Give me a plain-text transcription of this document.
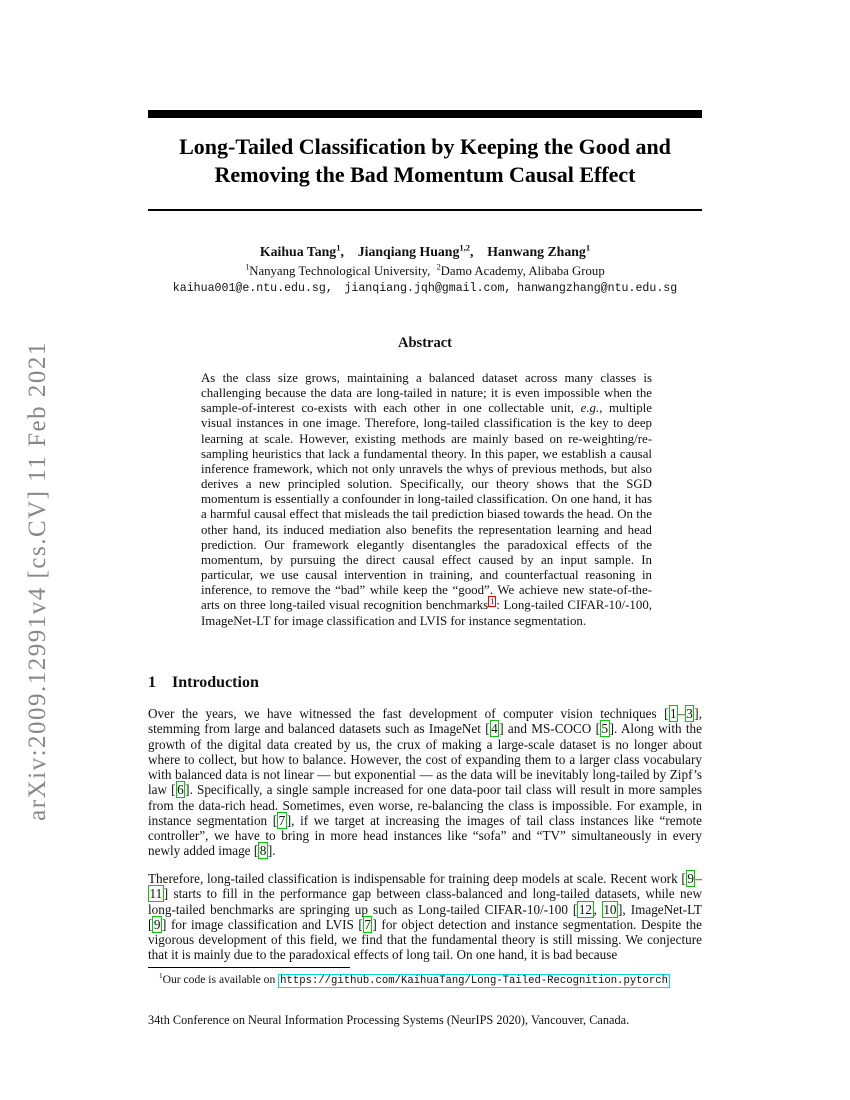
arXiv:2009.12991v4 [cs.CV] 11 Feb 2021
Long-Tailed Classification by Keeping the Good and
Removing the Bad Momentum Causal Effect
Kaihua Tang$^1$, Jianqiang Huang$^{1,2}$, Hanwang Zhang$^1$
$^1$Nanyang Technological University, $^2$Damo Academy, Alibaba Group
kaihua001@e.ntu.edu.sg, jianqiang.jqh@gmail.com, hanwangzhang@ntu.edu.sg
Abstract
As the class size grows, maintaining a balanced dataset across many classes is challenging because the data are long-tailed in nature; it is even impossible when the sample-of-interest co-exists with each other in one collectable unit, e.g., multiple visual instances in one image. Therefore, long-tailed classification is the key to deep learning at scale. However, existing methods are mainly based on re-weighting/re-sampling heuristics that lack a fundamental theory. In this paper, we establish a causal inference framework, which not only unravels the whys of previous methods, but also derives a new principled solution. Specifically, our theory shows that the SGD momentum is essentially a confounder in long-tailed classification. On one hand, it has a harmful causal effect that misleads the tail prediction biased towards the head. On the other hand, its induced mediation also benefits the representation learning and head prediction. Our framework elegantly disentangles the paradoxical effects of the momentum, by pursuing the direct causal effect caused by an input sample. In particular, we use causal intervention in training, and counterfactual reasoning in inference, to remove the “bad” while keep the “good”. We achieve new state-of-the-arts on three long-tailed visual recognition benchmarks $^1$ : Long-tailed CIFAR-10/-100, ImageNet-LT for image classification and LVIS for instance segmentation.
1 Introduction
Over the years, we have witnessed the fast development of computer vision techniques [ 1 – 3 ], stemming from large and balanced datasets such as ImageNet [ 4 ] and MS-COCO [ 5 ]. Along with the growth of the digital data created by us, the crux of making a large-scale dataset is no longer about where to collect, but how to balance. However, the cost of expanding them to a larger class vocabulary with balanced data is not linear — but exponential — as the data will be inevitably long-tailed by Zipf’s law [ 6 ]. Specifically, a single sample increased for one data-poor tail class will result in more samples from the data-rich head. Sometimes, even worse, re-balancing the class is impossible. For example, in instance segmentation [ 7 ], if we target at increasing the images of tail class instances like “remote controller”, we have to bring in more head instances like “sofa” and “TV” simultaneously in every newly added image [ 8 ].
Therefore, long-tailed classification is indispensable for training deep models at scale. Recent work [ 9 –11 ] starts to fill in the performance gap between class-balanced and long-tailed datasets, while new long-tailed benchmarks are springing up such as Long-tailed CIFAR-10/-100 [ 12 , 10 ], ImageNet-LT [ 9 ] for image classification and LVIS [ 7 ] for object detection and instance segmentation. Despite the vigorous development of this field, we find that the fundamental theory is still missing. We conjecture that it is mainly due to the paradoxical effects of long tail. On one hand, it is bad because
$^1$Our code is available on https://github.com/KaihuaTang/Long-Tailed-Recognition.pytorch
34th Conference on Neural Information Processing Systems (NeurIPS 2020), Vancouver, Canada.
